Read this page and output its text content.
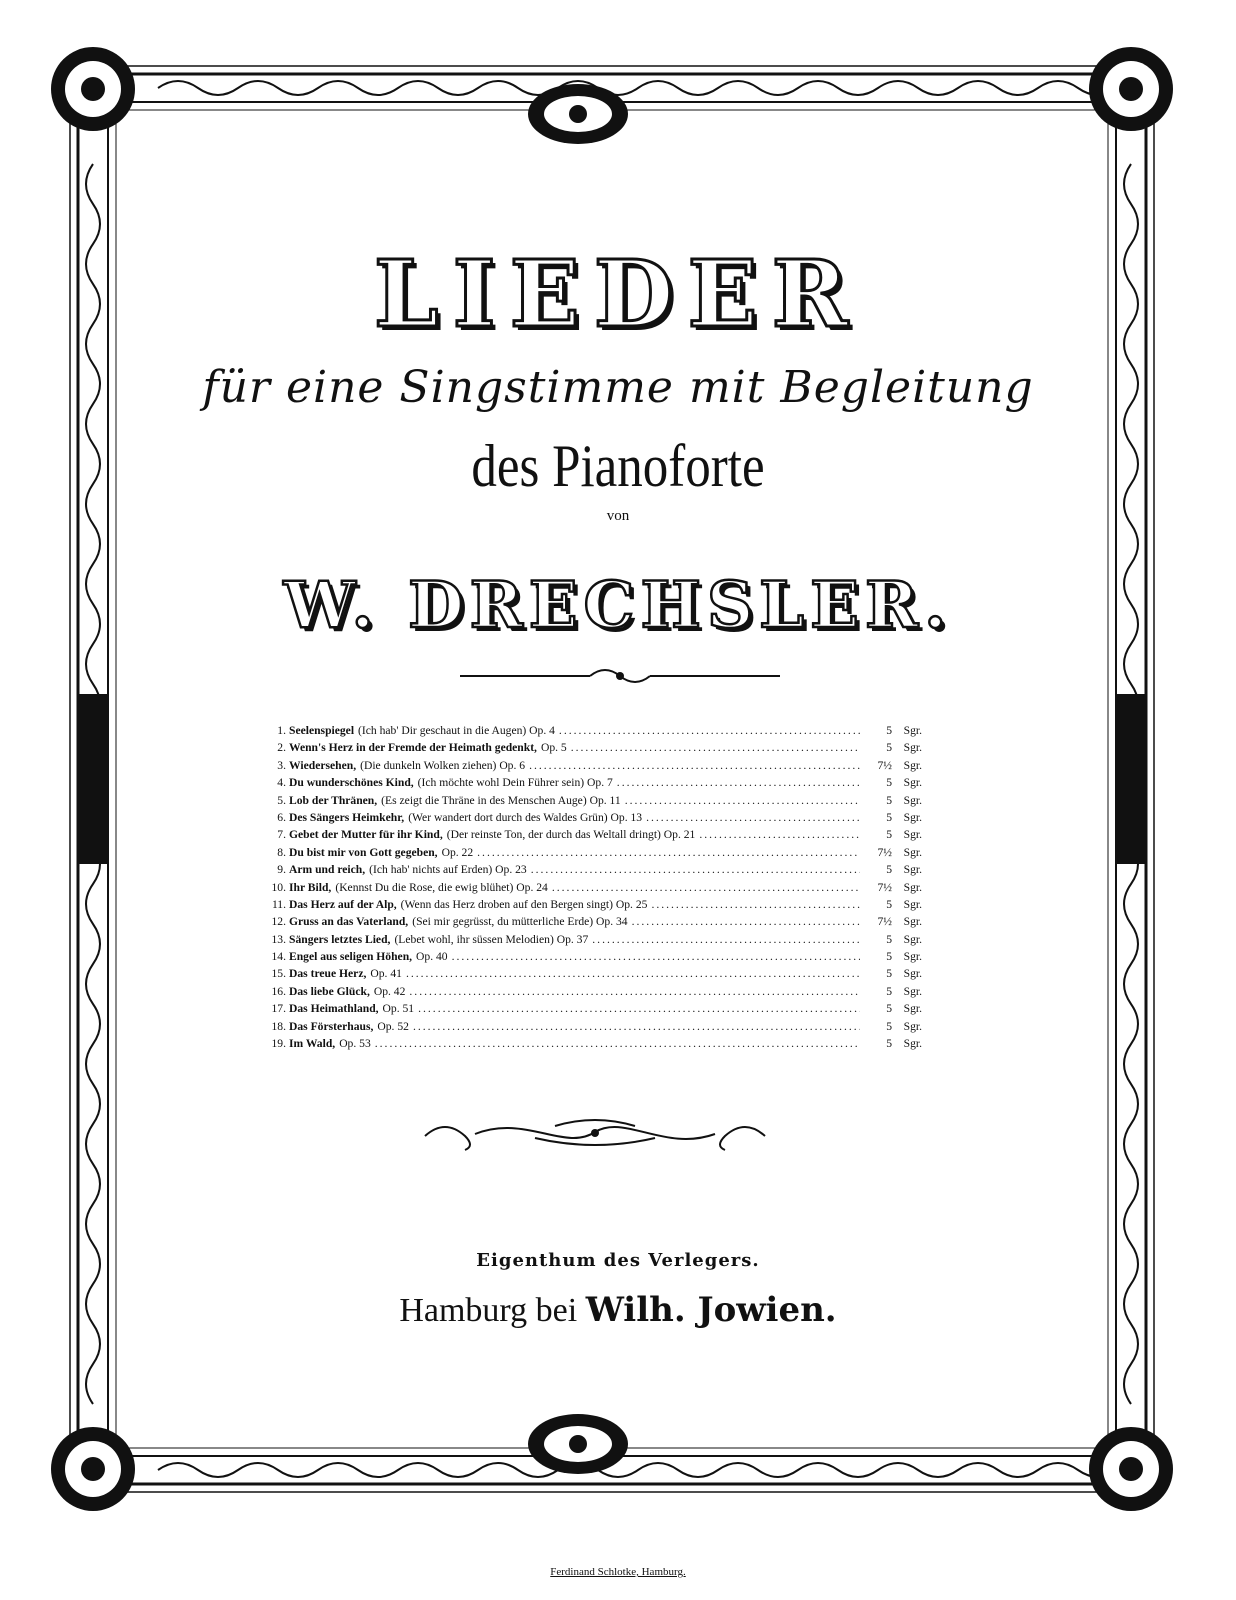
LIEDER
für eine Singstimme mit Begleitung
des Pianoforte
von
W. DRECHSLER.
1. Seelenspiegel (Ich hab' Dir geschaut in die Augen) Op. 4 .....	5	Sgr.
2. Wenn's Herz in der Fremde der Heimath gedenkt, Op. 5 .....	5	Sgr.
3. Wiedersehen, (Die dunkeln Wolken ziehen) Op. 6 .....	7½	Sgr.
4. Du wunderschönes Kind, (Ich möchte wohl Dein Führer sein) Op. 7 .....	5	Sgr.
5. Lob der Thränen, (Es zeigt die Thräne in des Menschen Auge) Op. 11 .....	5	Sgr.
6. Des Sängers Heimkehr, (Wer wandert dort durch des Waldes Grün) Op. 13 .....	5	Sgr.
7. Gebet der Mutter für ihr Kind, (Der reinste Ton, der durch das Weltall dringt) Op. 21 .....	5	Sgr.
8. Du bist mir von Gott gegeben, Op. 22 .....	7½	Sgr.
9. Arm und reich, (Ich hab' nichts auf Erden) Op. 23 .....	5	Sgr.
10. Ihr Bild, (Kennst Du die Rose, die ewig blühet) Op. 24 .....	7½	Sgr.
11. Das Herz auf der Alp, (Wenn das Herz droben auf den Bergen singt) Op. 25 .....	5	Sgr.
12. Gruss an das Vaterland, (Sei mir gegrüsst, du mütterliche Erde) Op. 34 .....	7½	Sgr.
13. Sängers letztes Lied, (Lebet wohl, ihr süssen Melodien) Op. 37 .....	5	Sgr.
14. Engel aus seligen Höhen, Op. 40 .....	5	Sgr.
15. Das treue Herz, Op. 41 .....	5	Sgr.
16. Das liebe Glück, Op. 42 .....	5	Sgr.
17. Das Heimathland, Op. 51 .....	5	Sgr.
18. Das Försterhaus, Op. 52 .....	5	Sgr.
19. Im Wald, Op. 53 .....	5	Sgr.
Eigenthum des Verlegers.
Hamburg bei Wilh. Jowien.
Ferdinand Schlotke, Hamburg.
